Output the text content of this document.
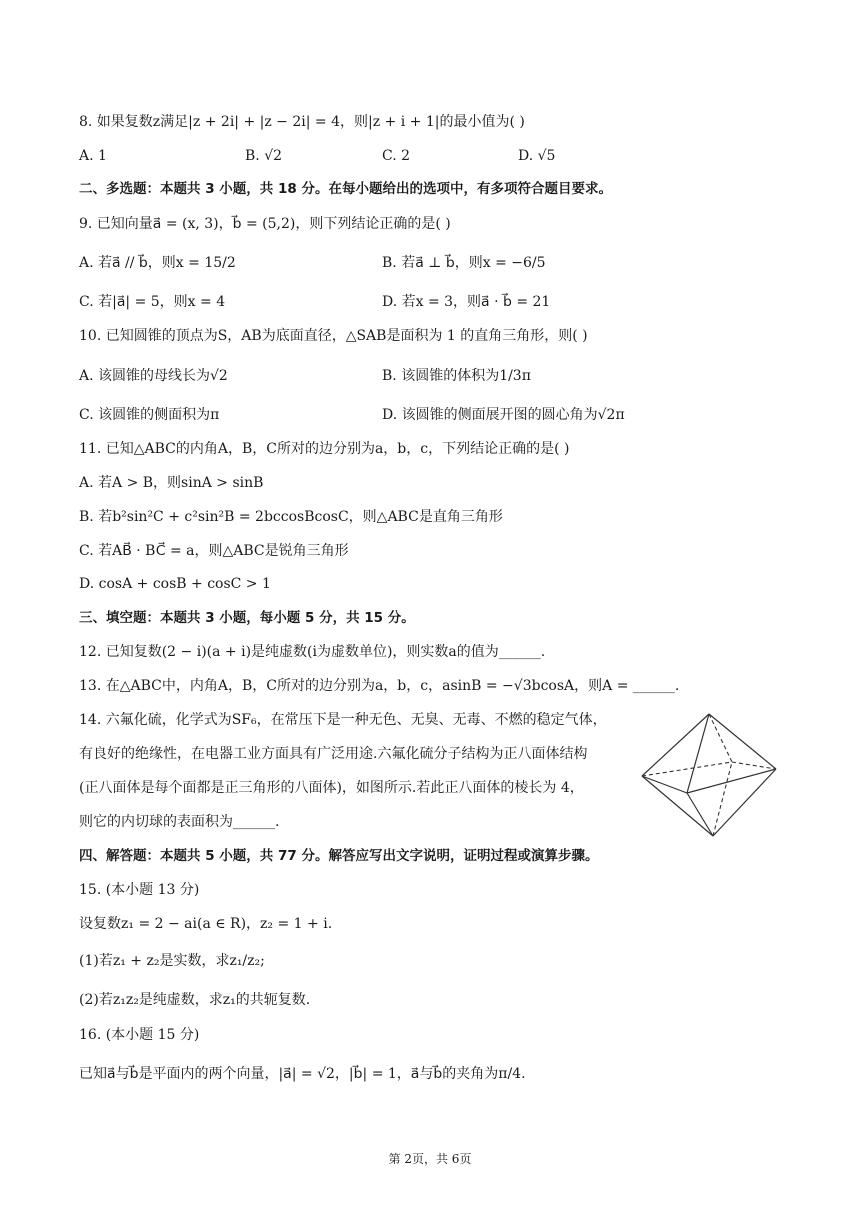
8. 如果复数z满足|z + 2i| + |z − 2i| = 4，则|z + i + 1|的最小值为( )
A. 1	B. √2	C. 2	D. √5
二、多选题：本题共 3 小题，共 18 分。在每小题给出的选项中，有多项符合题目要求。
9. 已知向量a⃗ = (x, 3)，b⃗ = (5,2)，则下列结论正确的是( )
A. 若a⃗ // b⃗，则x = 15/2	B. 若a⃗ ⊥ b⃗，则x = −6/5
C. 若|a⃗| = 5，则x = 4	D. 若x = 3，则a⃗ · b⃗ = 21
10. 已知圆锥的顶点为S，AB为底面直径，△SAB是面积为 1 的直角三角形，则( )
A. 该圆锥的母线长为√2	B. 该圆锥的体积为1/3π
C. 该圆锥的侧面积为π	D. 该圆锥的侧面展开图的圆心角为√2π
11. 已知△ABC的内角A，B，C所对的边分别为a，b，c，下列结论正确的是( )
A. 若A > B，则sinA > sinB
B. 若b²sin²C + c²sin²B = 2bccosBcosC，则△ABC是直角三角形
C. 若AB⃗ · BC⃗ = a，则△ABC是锐角三角形
D. cosA + cosB + cosC > 1
三、填空题：本题共 3 小题，每小题 5 分，共 15 分。
12. 已知复数(2 − i)(a + i)是纯虚数(i为虚数单位)，则实数a的值为______.
13. 在△ABC中，内角A，B，C所对的边分别为a，b，c，asinB = −√3bcosA，则A = ______.
14. 六氟化硫，化学式为SF₆，在常压下是一种无色、无臭、无毒、不燃的稳定气体，
有良好的绝缘性，在电器工业方面具有广泛用途.六氟化硫分子结构为正八面体结构
(正八面体是每个面都是正三角形的八面体)，如图所示.若此正八面体的棱长为 4，
则它的内切球的表面积为______.
四、解答题：本题共 5 小题，共 77 分。解答应写出文字说明，证明过程或演算步骤。
15. (本小题 13 分)
设复数z₁ = 2 − ai(a ∈ R)，z₂ = 1 + i.
(1)若z₁ + z₂是实数，求z₁/z₂;
(2)若z₁z₂是纯虚数，求z₁的共轭复数.
16. (本小题 15 分)
已知a⃗与b⃗是平面内的两个向量，|a⃗| = √2，|b⃗| = 1，a⃗与b⃗的夹角为π/4.
第 2页，共 6页
